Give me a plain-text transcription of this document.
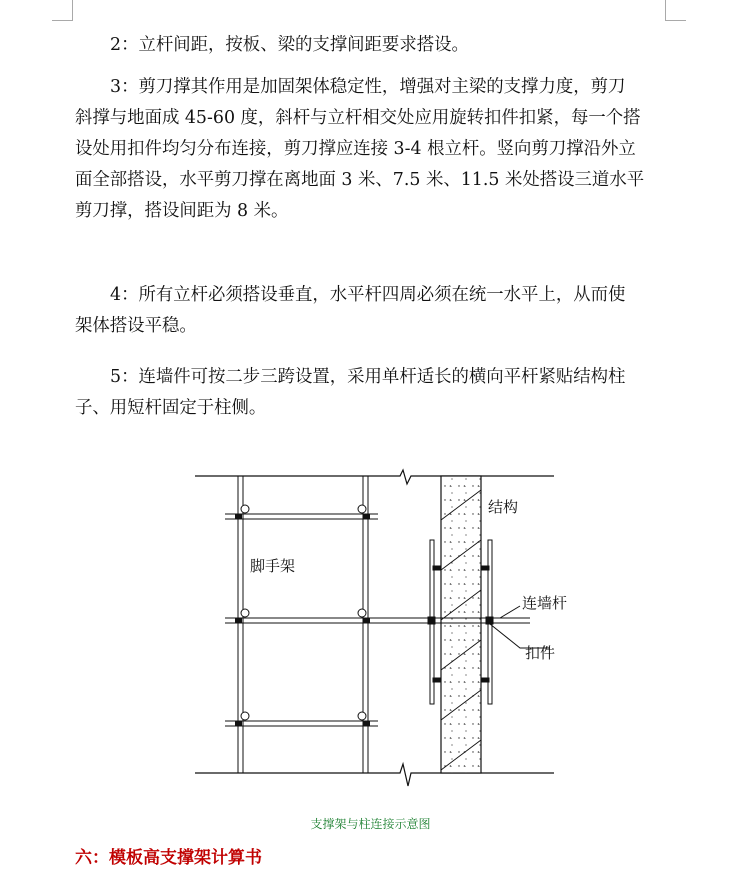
2：立杆间距，按板、梁的支撑间距要求搭设。

3：剪刀撑其作用是加固架体稳定性，增强对主梁的支撑力度，剪刀
斜撑与地面成 45-60 度，斜杆与立杆相交处应用旋转扣件扣紧，每一个搭
设处用扣件均匀分布连接，剪刀撑应连接 3-4 根立杆。竖向剪刀撑沿外立
面全部搭设，水平剪刀撑在离地面 3 米、7.5 米、11.5 米处搭设三道水平
剪刀撑，搭设间距为 8 米。

4：所有立杆必须搭设垂直，水平杆四周必须在统一水平上，从而使
架体搭设平稳。

5：连墙件可按二步三跨设置，采用单杆适长的横向平杆紧贴结构柱
子、用短杆固定于柱侧。

脚手架
结构
连墙杆
扣件
支撑架与柱连接示意图
六：模板高支撑架计算书
